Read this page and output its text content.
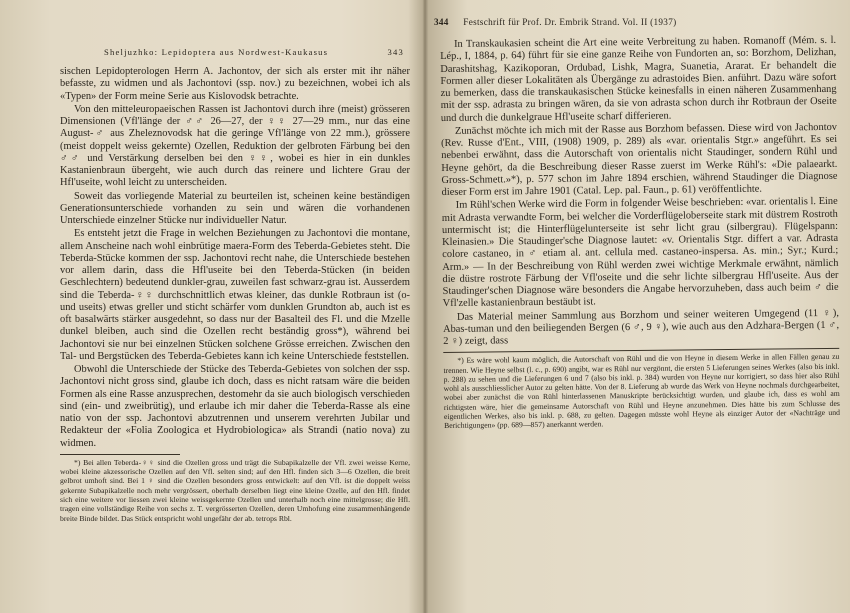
Sheljuzhko: Lepidoptera aus Nordwest-Kaukasus	343

sischen Lepidopterologen Herrn A. Jachontov, der sich als erster mit ihr näher befasste, zu widmen und als Jachontovi (ssp. nov.) zu bezeichnen, wobei ich als «Typen» der Form meine Serie aus Kislovodsk betrachte.

Von den mitteleuropaeischen Rassen ist Jachontovi durch ihre (meist) grösseren Dimensionen (Vfl'länge der ♂♂ 26—27, der ♀♀ 27—29 mm., nur das eine August-♂ aus Zheleznovodsk hat die geringe Vfl'länge von 22 mm.), grössere (meist doppelt weiss gekernte) Ozellen, Reduktion der gelbroten Färbung bei den ♂♂ und Verstärkung derselben bei den ♀♀, wobei es hier in ein dunkles Kastanienbraun übergeht, wie auch durch das reinere und lichtere Grau der Hfl'useite, wohl leicht zu unterscheiden.

Soweit das vorliegende Material zu beurteilen ist, scheinen keine beständigen Generationsunterschiede vorhanden zu sein und wären die vorhandenen Unterschiede einzelner Stücke nur individueller Natur.

Es entsteht jetzt die Frage in welchen Beziehungen zu Jachontovi die montane, allem Anscheine nach wohl einbrütige maera-Form des Teberda-Gebietes steht. Die Teberda-Stücke kommen der ssp. Jachontovi recht nahe, die Unterschiede bestehen vor allem darin, dass die Hfl'useite bei den Teberda-Stücken (in beiden Geschlechtern) bedeutend dunkler-grau, zuweilen fast schwarz-grau ist. Ausserdem sind die Teberda-♀♀ durchschnittlich etwas kleiner, das dunkle Rotbraun ist (o- und useits) etwas greller und sticht schärfer vom dunklen Grundton ab, auch ist es oft basalwärts stärker ausgedehnt, so dass nur der Basalteil des Fl. und die Mzelle dunkel bleiben, auch sind die Ozellen recht beständig gross*), während bei Jachontovi sie nur bei einzelnen Stücken solchene Grösse erreichen. Zwischen den Tal- und Bergstücken des Teberda-Gebietes kann ich keine Unterschiede feststellen.

Obwohl die Unterschiede der Stücke des Teberda-Gebietes von solchen der ssp. Jachontovi nicht gross sind, glaube ich doch, dass es nicht ratsam wäre die beiden Formen als eine Rasse anzusprechen, destomehr da sie auch biologisch verschieden sind (ein- und zweibrütig), und erlaube ich mir daher die Teberda-Rasse als eine natio von der ssp. Jachontovi abzutrennen und unserem verehrten Jubilar und Redakteur der «Folia Zoologica et Hydrobiologica» als Strandi (natio nova) zu widmen.

*) Bei allen Teberda-♀♀ sind die Ozellen gross und trägt die Subapikalzelle der Vfl. zwei weisse Kerne, wobei kleine akzessorische Ozellen auf den Vfl. selten sind; auf den Hfl. finden sich 3—6 Ozellen, die breit gelbrot umhoft sind. Bei 1 ♀ sind die Ozellen besonders gross entwickelt: auf den Vfl. ist die doppelt weiss gekernte Subapikalzelle noch mehr vergrössert, oberhalb derselben liegt eine kleine Ozelle, auf den Hfl. findet sich eine weitere vor liessen zwei kleine weissgekernte Ozellen und unterhalb noch eine mittelgrosse; die Hfl. tragen eine vollständige Reihe von sechs z. T. vergrösserten Ozellen, deren Umhofung eine zusammenhängende breite Binde bildet. Das Stück entspricht wohl ungefähr der ab. tetrops Rbl.

344 Festschrift für Prof. Dr. Embrik Strand. Vol. II (1937)

In Transkaukasien scheint die Art eine weite Verbreitung zu haben. Romanoff (Mém. s. l. Lép., I, 1884, p. 64) führt für sie eine ganze Reihe von Fundorten an, so: Borzhom, Delizhan, Darashitshag, Kazikoporan, Ordubad, Lishk, Magra, Suanetia, Ararat. Er behandelt die Formen aller dieser Lokalitäten als Übergänge zu adrastoides Bien. anführt. Dazu wäre sofort zu bemerken, dass die transkaukasischen Stücke keinesfalls in einen näheren Zusammenhang mit der ssp. adrasta zu bringen wären, da sie von adrasta schon durch ihr Rotbraun der Oseite und durch die dunkelgraue Hfl'useite scharf differieren.

Zunächst möchte ich mich mit der Rasse aus Borzhom befassen. Diese wird von Jachontov (Rev. Russe d'Ent., VIII, (1908) 1909, p. 289) als «var. orientalis Stgr.» angeführt. Es sei nebenbei erwähnt, dass die Autorschaft von orientalis nicht Staudinger, sondern Rühl und Heyne gehört, da die Beschreibung dieser Rasse zuerst im Werke Rühl's: «Die palaearkt. Gross-Schmett.»*), p. 577 schon im Jahre 1894 erschien, während Staudinger die Diagnose dieser Form erst im Jahre 1901 (Catal. Lep. pal. Faun., p. 61) veröffentlichte.

Im Rühl'schen Werke wird die Form in folgender Weise beschrieben: «var. orientalis l. Eine mit Adrasta verwandte Form, bei welcher die Vorderflügeloberseite stark mit düstrem Rostroth untermischt ist; die Hinterflügelunterseite ist sehr licht grau (silbergrau). Flügelspann: Kleinasien.» Die Staudinger'sche Diagnose lautet: «v. Orientalis Stgr. differt a var. Adrasta colore castaneo, in ♂ etiam al. ant. cellula med. castaneo-inspersa. As. min.; Syr.; Kurd.; Arm.» — In der Beschreibung von Rühl werden zwei wichtige Merkmale erwähnt, nämlich die düstre rostrote Färbung der Vfl'oseite und die sehr lichte silbergrau Hfl'useite. Aus der Staudinger'schen Diagnose wäre besonders die Angabe hervorzuheben, dass auch beim ♂ die Vfl'zelle kastanienbraun bestäubt ist.

Das Material meiner Sammlung aus Borzhom und seiner weiteren Umgegend (11 ♀), Abas-tuman und den beiliegenden Bergen (6 ♂, 9 ♀), wie auch aus den Adzhara-Bergen (1 ♂, 2 ♀) zeigt, dass

*) Es wäre wohl kaum möglich, die Autorschaft von Rühl und die von Heyne in diesem Werke in allen Fällen genau zu trennen. Wie Heyne selbst (l. c., p. 690) angibt, war es Rühl nur vergönnt, die ersten 5 Lieferungen seines Werkes (also bis inkl. p. 288) zu sehen und die Lieferungen 6 und 7 (also bis inkl. p. 384) wurden von Heyne nur korrigiert, so dass hier also Rühl wohl als ausschliesslicher Autor zu gelten hätte. Von der 8. Lieferung ab wurde das Werk von Heyne nochmals durchgearbeitet, wobei aber zunächst die von Rühl hinterlassenen Manuskripte berücksichtigt wurden, und glaube ich, dass es wohl am richtigsten wäre, hier die gemeinsame Autorschaft von Rühl und Heyne anzunehmen. Dies hätte bis zum Schlusse des eigentlichen Werkes, also bis inkl. p. 688, zu gelten. Dagegen müsste wohl Heyne als einziger Autor der «Nachträge und Berichtigungen» (pp. 689—857) anerkannt werden.
